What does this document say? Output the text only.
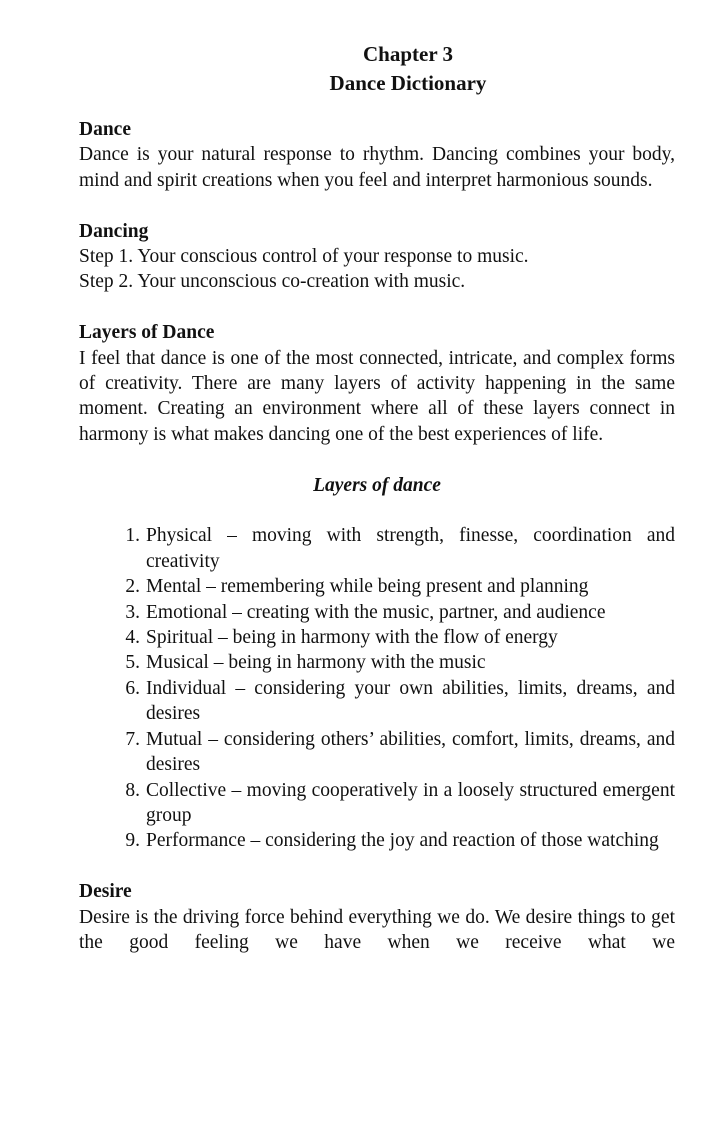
Chapter 3
Dance Dictionary

Dance

Dance is your natural response to rhythm. Dancing combines your body, mind and spirit creations when you feel and interpret harmonious sounds.

Dancing

Step 1. Your conscious control of your response to music.

Step 2. Your unconscious co-creation with music.

Layers of Dance

I feel that dance is one of the most connected, intricate, and complex forms of creativity. There are many layers of activity happening in the same moment. Creating an environment where all of these layers connect in harmony is what makes dancing one of the best experiences of life.

Layers of dance

1. Physical – moving with strength, finesse, coordination and creativity
2. Mental – remembering while being present and planning
3. Emotional – creating with the music, partner, and audience
4. Spiritual – being in harmony with the flow of energy
5. Musical – being in harmony with the music
6. Individual – considering your own abilities, limits, dreams, and desires
7. Mutual – considering others’ abilities, comfort, limits, dreams, and desires
8. Collective – moving cooperatively in a loosely structured emergent group
9. Performance – considering the joy and reaction of those watching

Desire

Desire is the driving force behind everything we do. We desire things to get the good feeling we have when we receive what we
